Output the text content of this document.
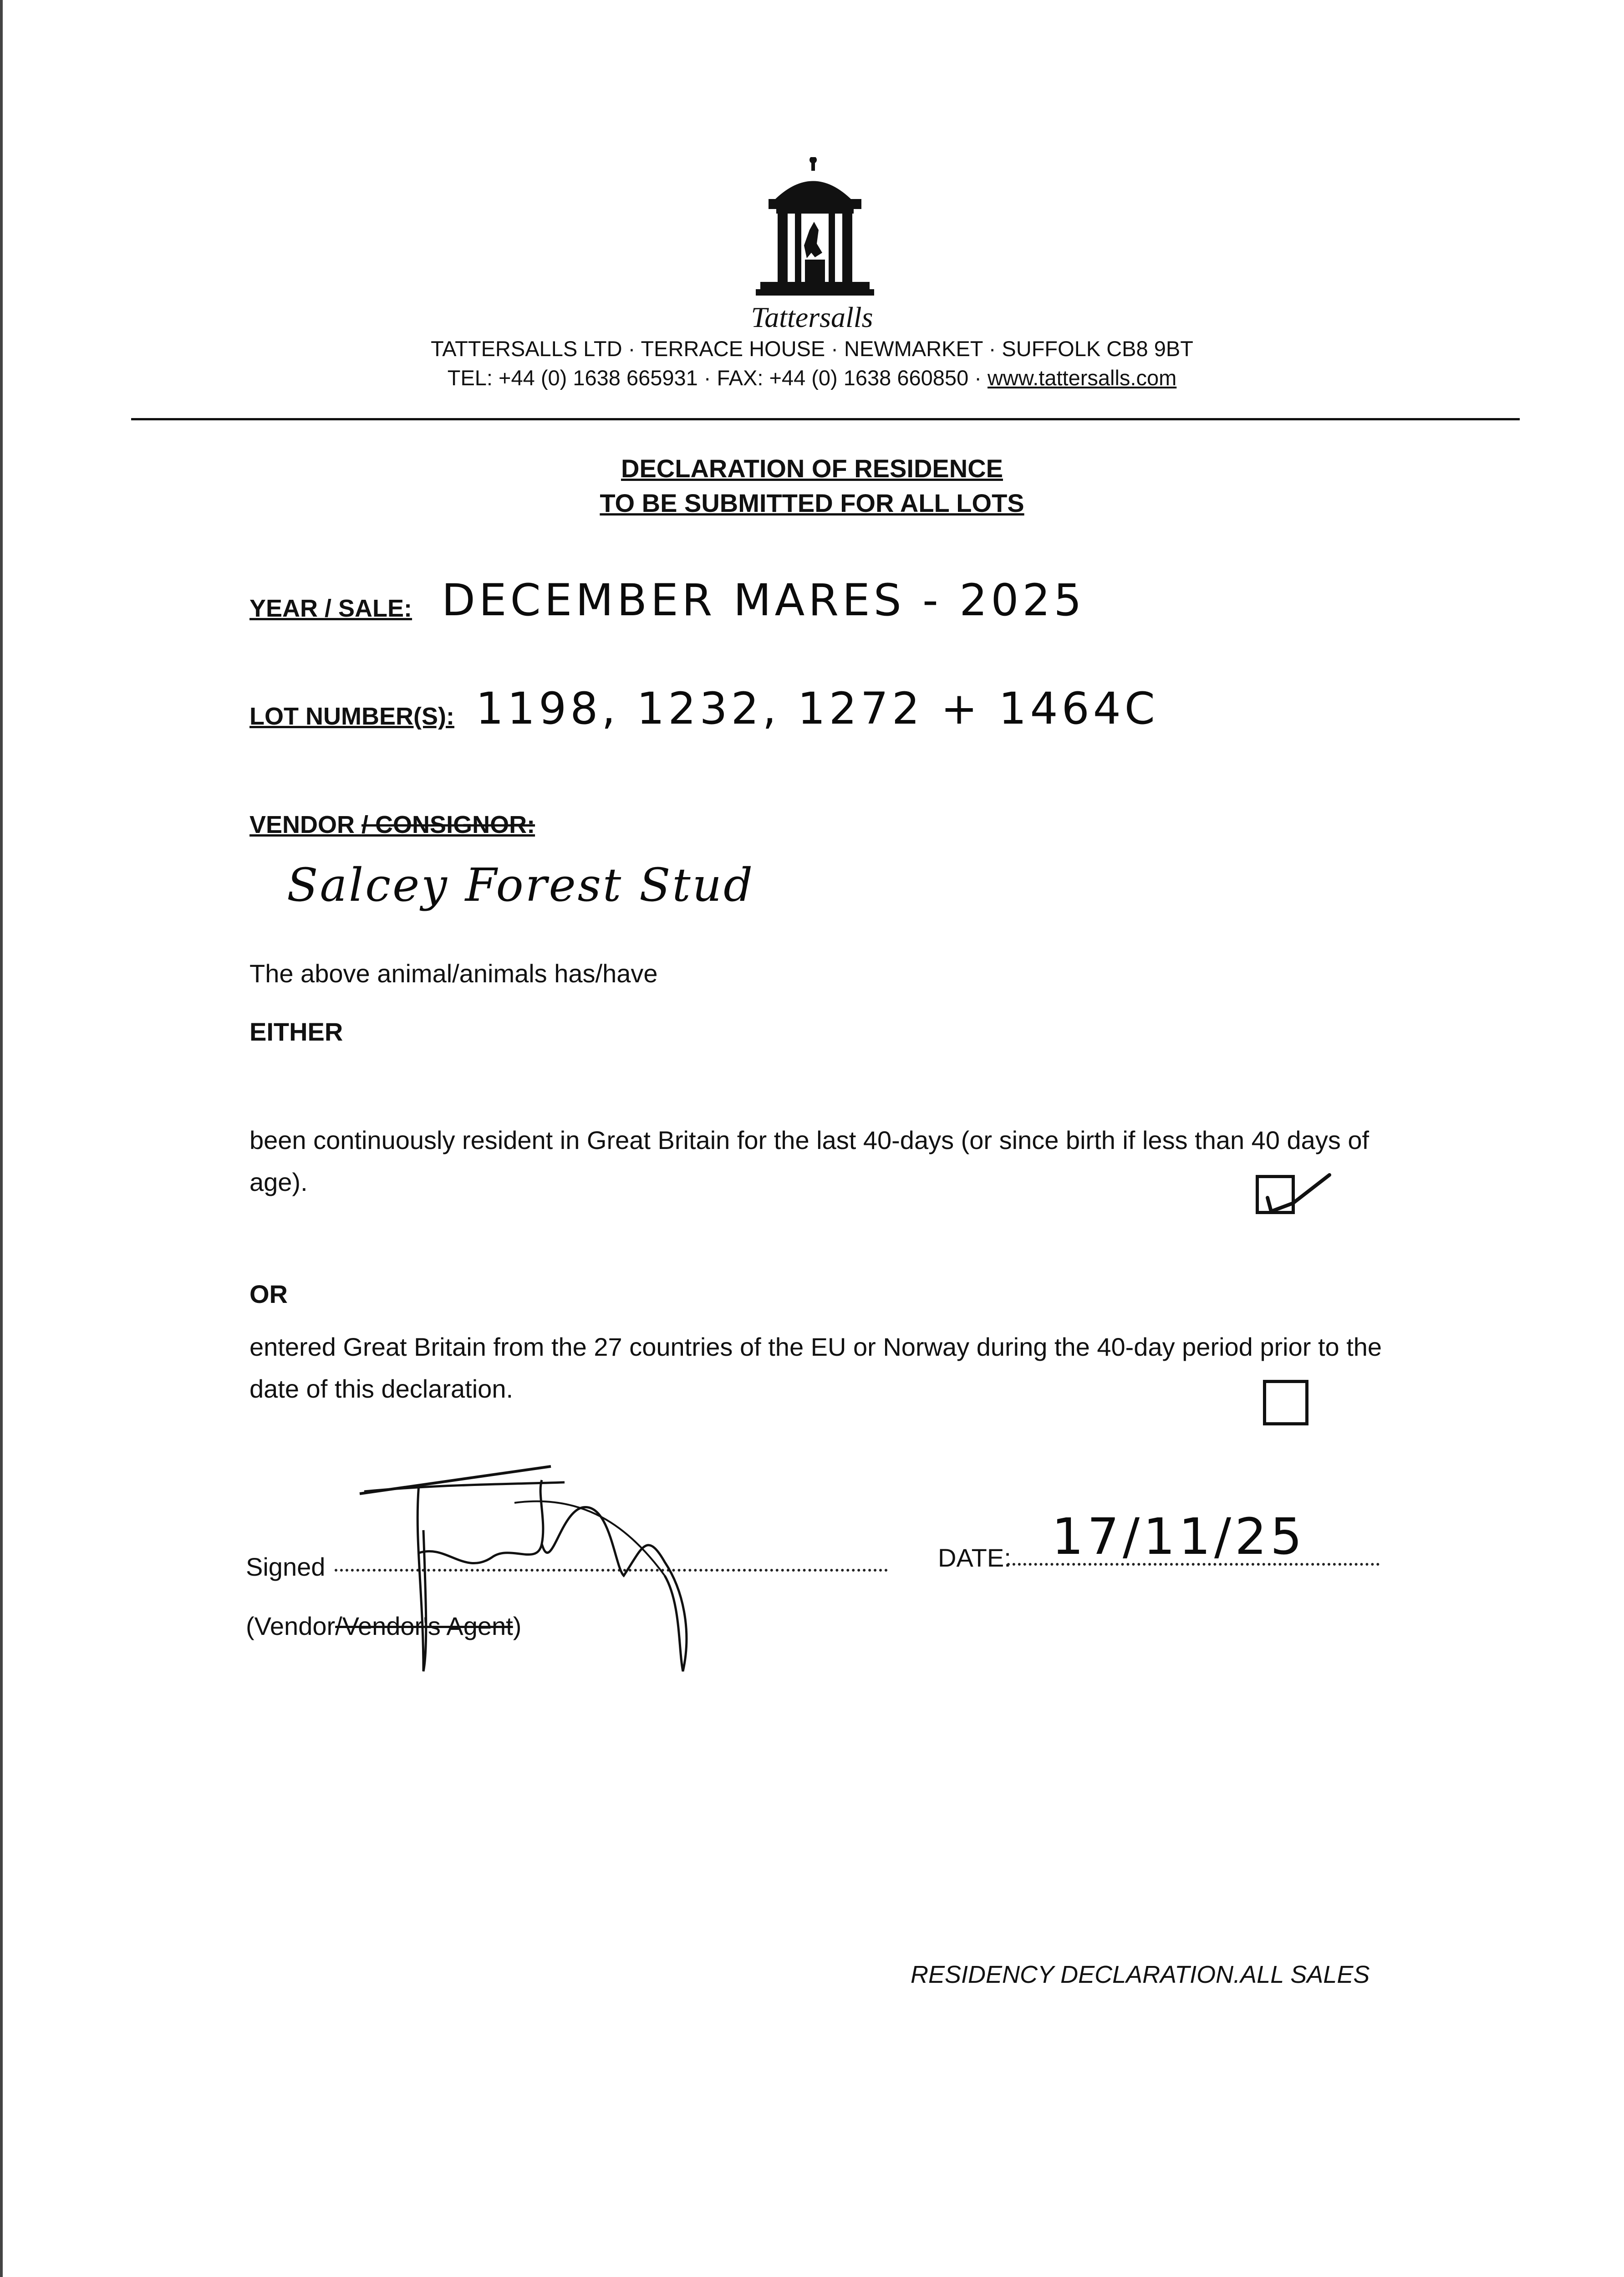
Tattersalls
TATTERSALLS LTD · TERRACE HOUSE · NEWMARKET · SUFFOLK CB8 9BT
TEL: +44 (0) 1638 665931 · FAX: +44 (0) 1638 660850 · www.tattersalls.com
DECLARATION OF RESIDENCE
TO BE SUBMITTED FOR ALL LOTS
YEAR / SALE: DECEMBER MARES - 2025
LOT NUMBER(S): 1198, 1232, 1272 + 1464C
VENDOR / CONSIGNOR:
Salcey Forest Stud
The above animal/animals has/have
EITHER
been continuously resident in Great Britain for the last 40-days (or since birth if less than 40 days of age).
OR
entered Great Britain from the 27 countries of the EU or Norway during the 40-day period prior to the date of this declaration.
Signed
(Vendor/Vendor's Agent)
DATE: 17/11/25
RESIDENCY DECLARATION.ALL SALES
